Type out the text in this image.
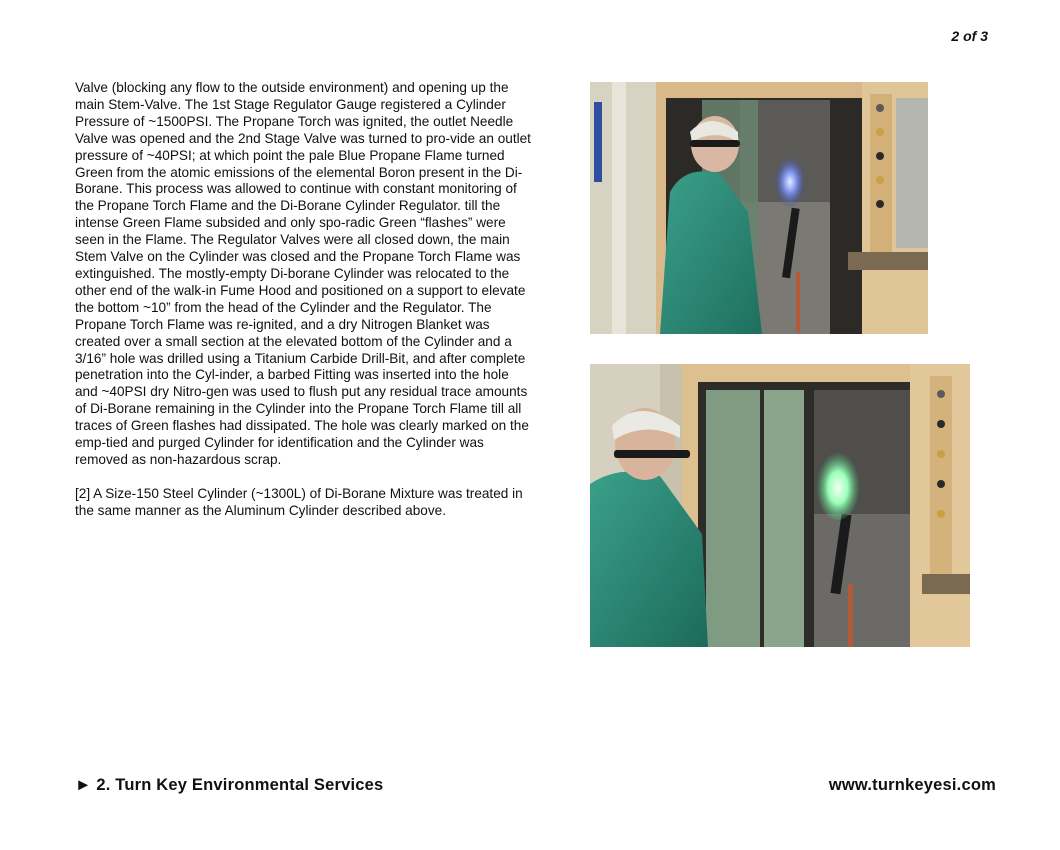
2 of 3

Valve (blocking any flow to the outside environment) and opening up the main Stem-Valve. The 1st Stage Regulator Gauge registered a Cylinder Pressure of ~1500PSI. The Propane Torch was ignited, the outlet Needle Valve was opened and the 2nd Stage Valve was turned to pro-vide an outlet pressure of ~40PSI; at which point the pale Blue Propane Flame turned Green from the atomic emissions of the elemental Boron present in the Di-Borane. This process was allowed to continue with constant monitoring of the Propane Torch Flame and the Di-Borane Cylinder Regulator. till the intense Green Flame subsided and only spo-radic Green “flashes” were seen in the Flame. The Regulator Valves were all closed down, the main Stem Valve on the Cylinder was closed and the Propane Torch Flame was extinguished. The mostly-empty Di-borane Cylinder was relocated to the other end of the walk-in Fume Hood and positioned on a support to elevate the bottom ~10” from the head of the Cylinder and the Regulator. The Propane Torch Flame was re-ignited, and a dry Nitrogen Blanket was created over a small section at the elevated bottom of the Cylinder and a 3/16” hole was drilled using a Titanium Carbide Drill-Bit, and after complete penetration into the Cyl-inder, a barbed Fitting was inserted into the hole and ~40PSI dry Nitro-gen was used to flush put any residual trace amounts of Di-Borane remaining in the Cylinder into the Propane Torch Flame till all traces of Green flashes had dissipated. The hole was clearly marked on the emp-tied and purged Cylinder for identification and the Cylinder was removed as non-hazardous scrap.

[2] A Size-150 Steel Cylinder (~1300L) of Di-Borane Mixture was treated in the same manner as the Aluminum Cylinder described above.

► 2. Turn Key Environmental Services	www.turnkeyesi.com
